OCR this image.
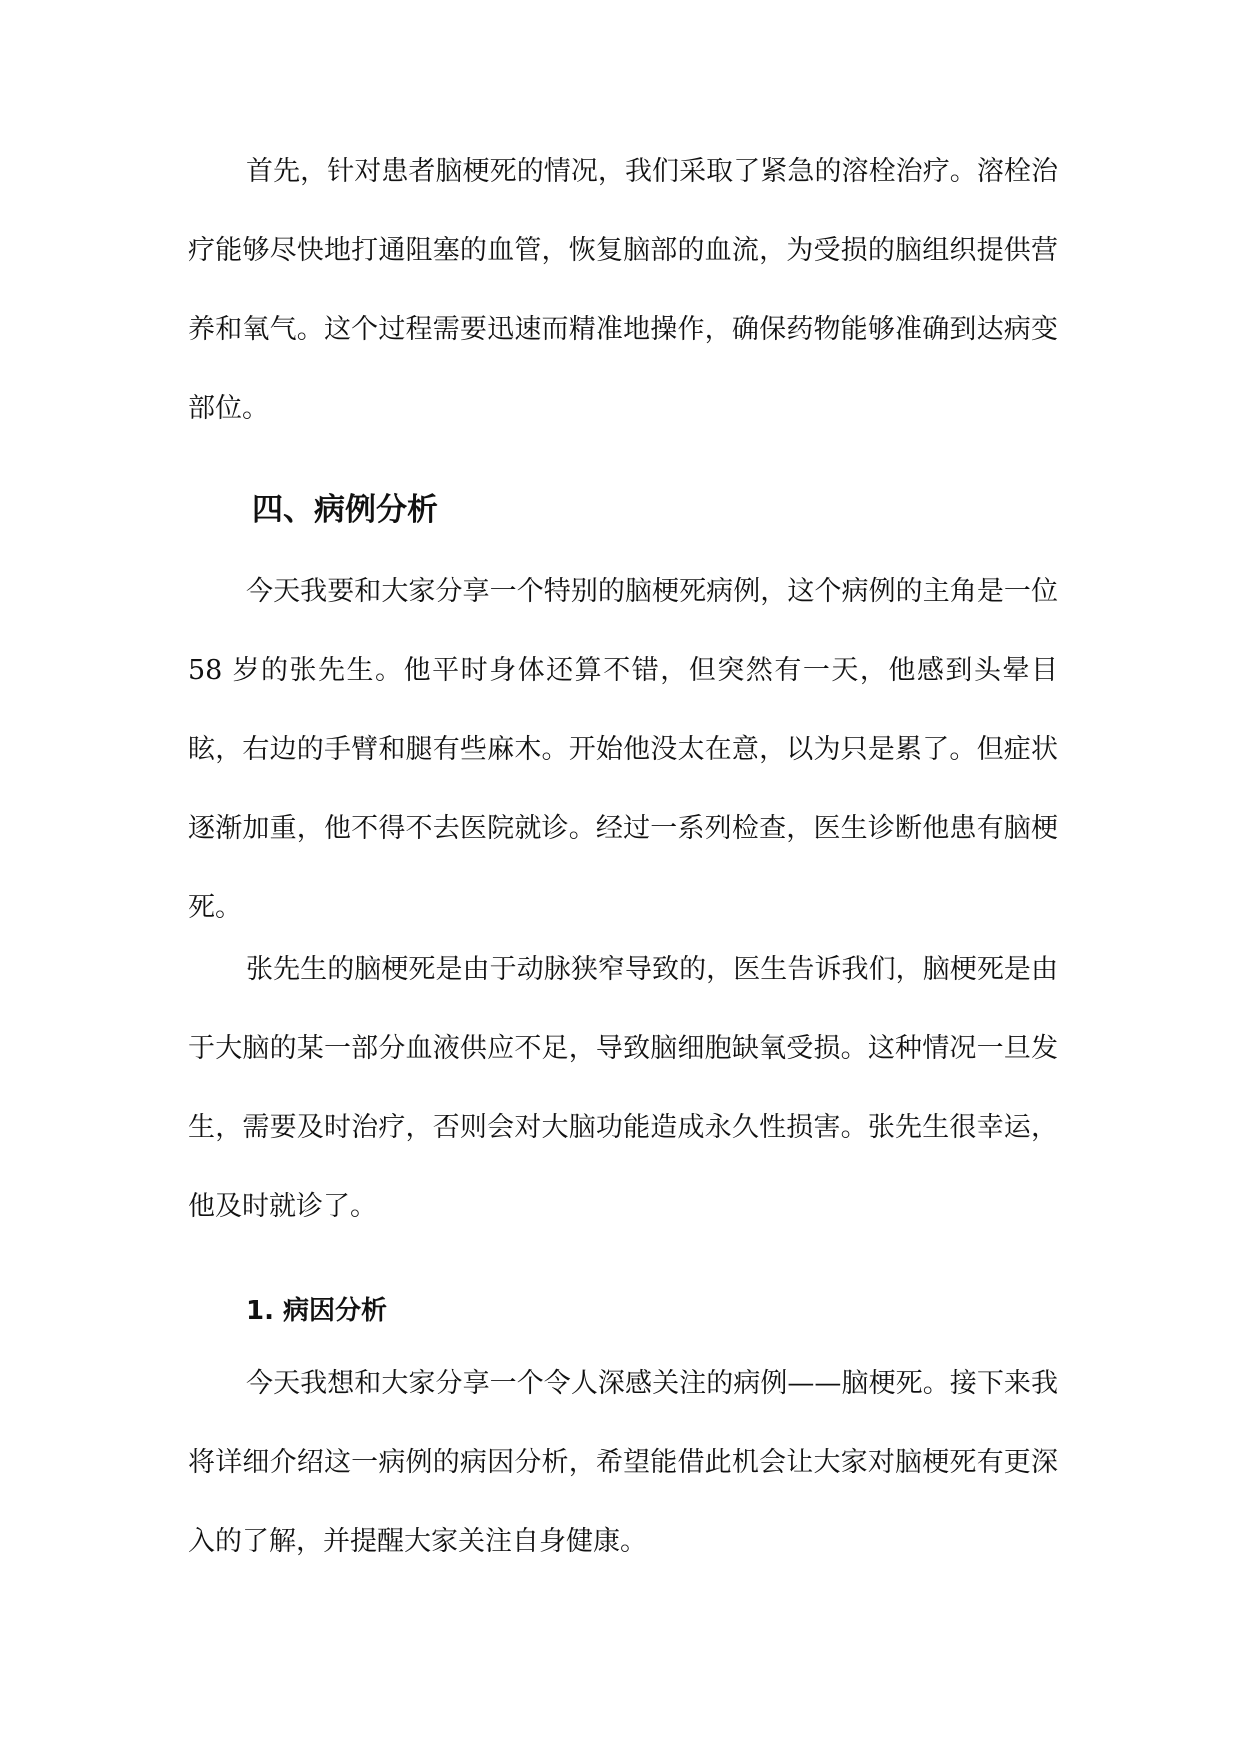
首先，针对患者脑梗死的情况，我们采取了紧急的溶栓治疗。溶栓治疗能够尽快地打通阻塞的血管，恢复脑部的血流，为受损的脑组织提供营养和氧气。这个过程需要迅速而精准地操作，确保药物能够准确到达病变部位。

四、病例分析

今天我要和大家分享一个特别的脑梗死病例，这个病例的主角是一位 58 岁的张先生。他平时身体还算不错，但突然有一天，他感到头晕目眩，右边的手臂和腿有些麻木。开始他没太在意，以为只是累了。但症状逐渐加重，他不得不去医院就诊。经过一系列检查，医生诊断他患有脑梗死。

张先生的脑梗死是由于动脉狭窄导致的，医生告诉我们，脑梗死是由于大脑的某一部分血液供应不足，导致脑细胞缺氧受损。这种情况一旦发生，需要及时治疗，否则会对大脑功能造成永久性损害。张先生很幸运，他及时就诊了。

1. 病因分析

今天我想和大家分享一个令人深感关注的病例——脑梗死。接下来我将详细介绍这一病例的病因分析，希望能借此机会让大家对脑梗死有更深入的了解，并提醒大家关注自身健康。
